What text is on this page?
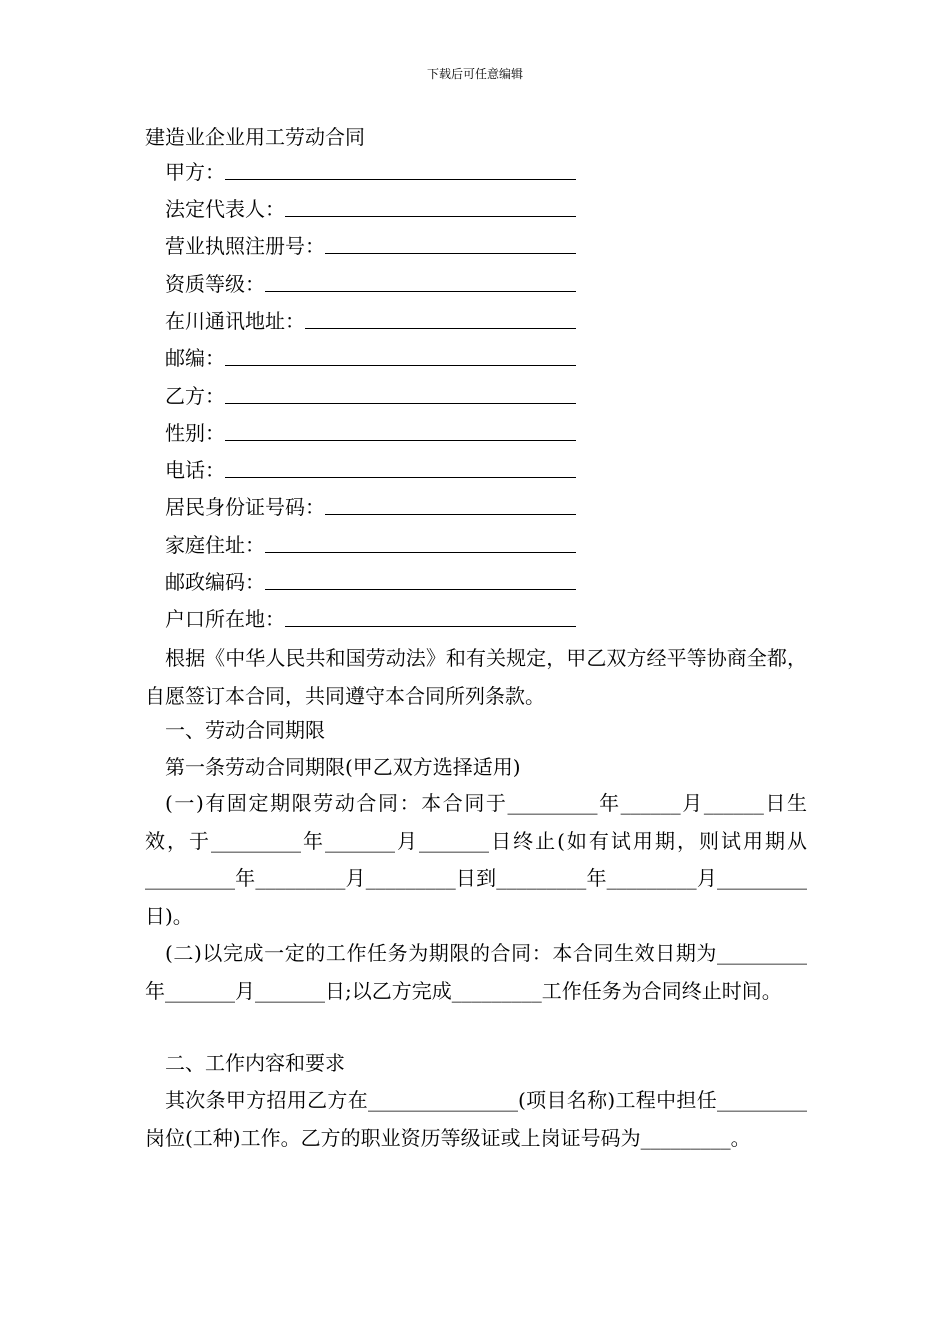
下载后可任意编辑
建造业企业用工劳动合同
甲方：
法定代表人：
营业执照注册号：
资质等级：
在川通讯地址：
邮编：
乙方：
性别：
电话：
居民身份证号码：
家庭住址：
邮政编码：
户口所在地：

根据《中华人民共和国劳动法》和有关规定，甲乙双方经平等协商全都，自愿签订本合同，共同遵守本合同所列条款。

一、劳动合同期限
第一条劳动合同期限(甲乙双方选择适用)

(一)有固定期限劳动合同：本合同于_________年______月______日生效，于_________年_______月_______日终止(如有试用期，则试用期从_________年_________月_________日到_________年_________月_________日)。

(二)以完成一定的工作任务为期限的合同：本合同生效日期为_________年_______月_______日;以乙方完成_________工作任务为合同终止时间。

二、工作内容和要求

其次条甲方招用乙方在_______________(项目名称)工程中担任_________岗位(工种)工作。乙方的职业资历等级证或上岗证号码为_________。
